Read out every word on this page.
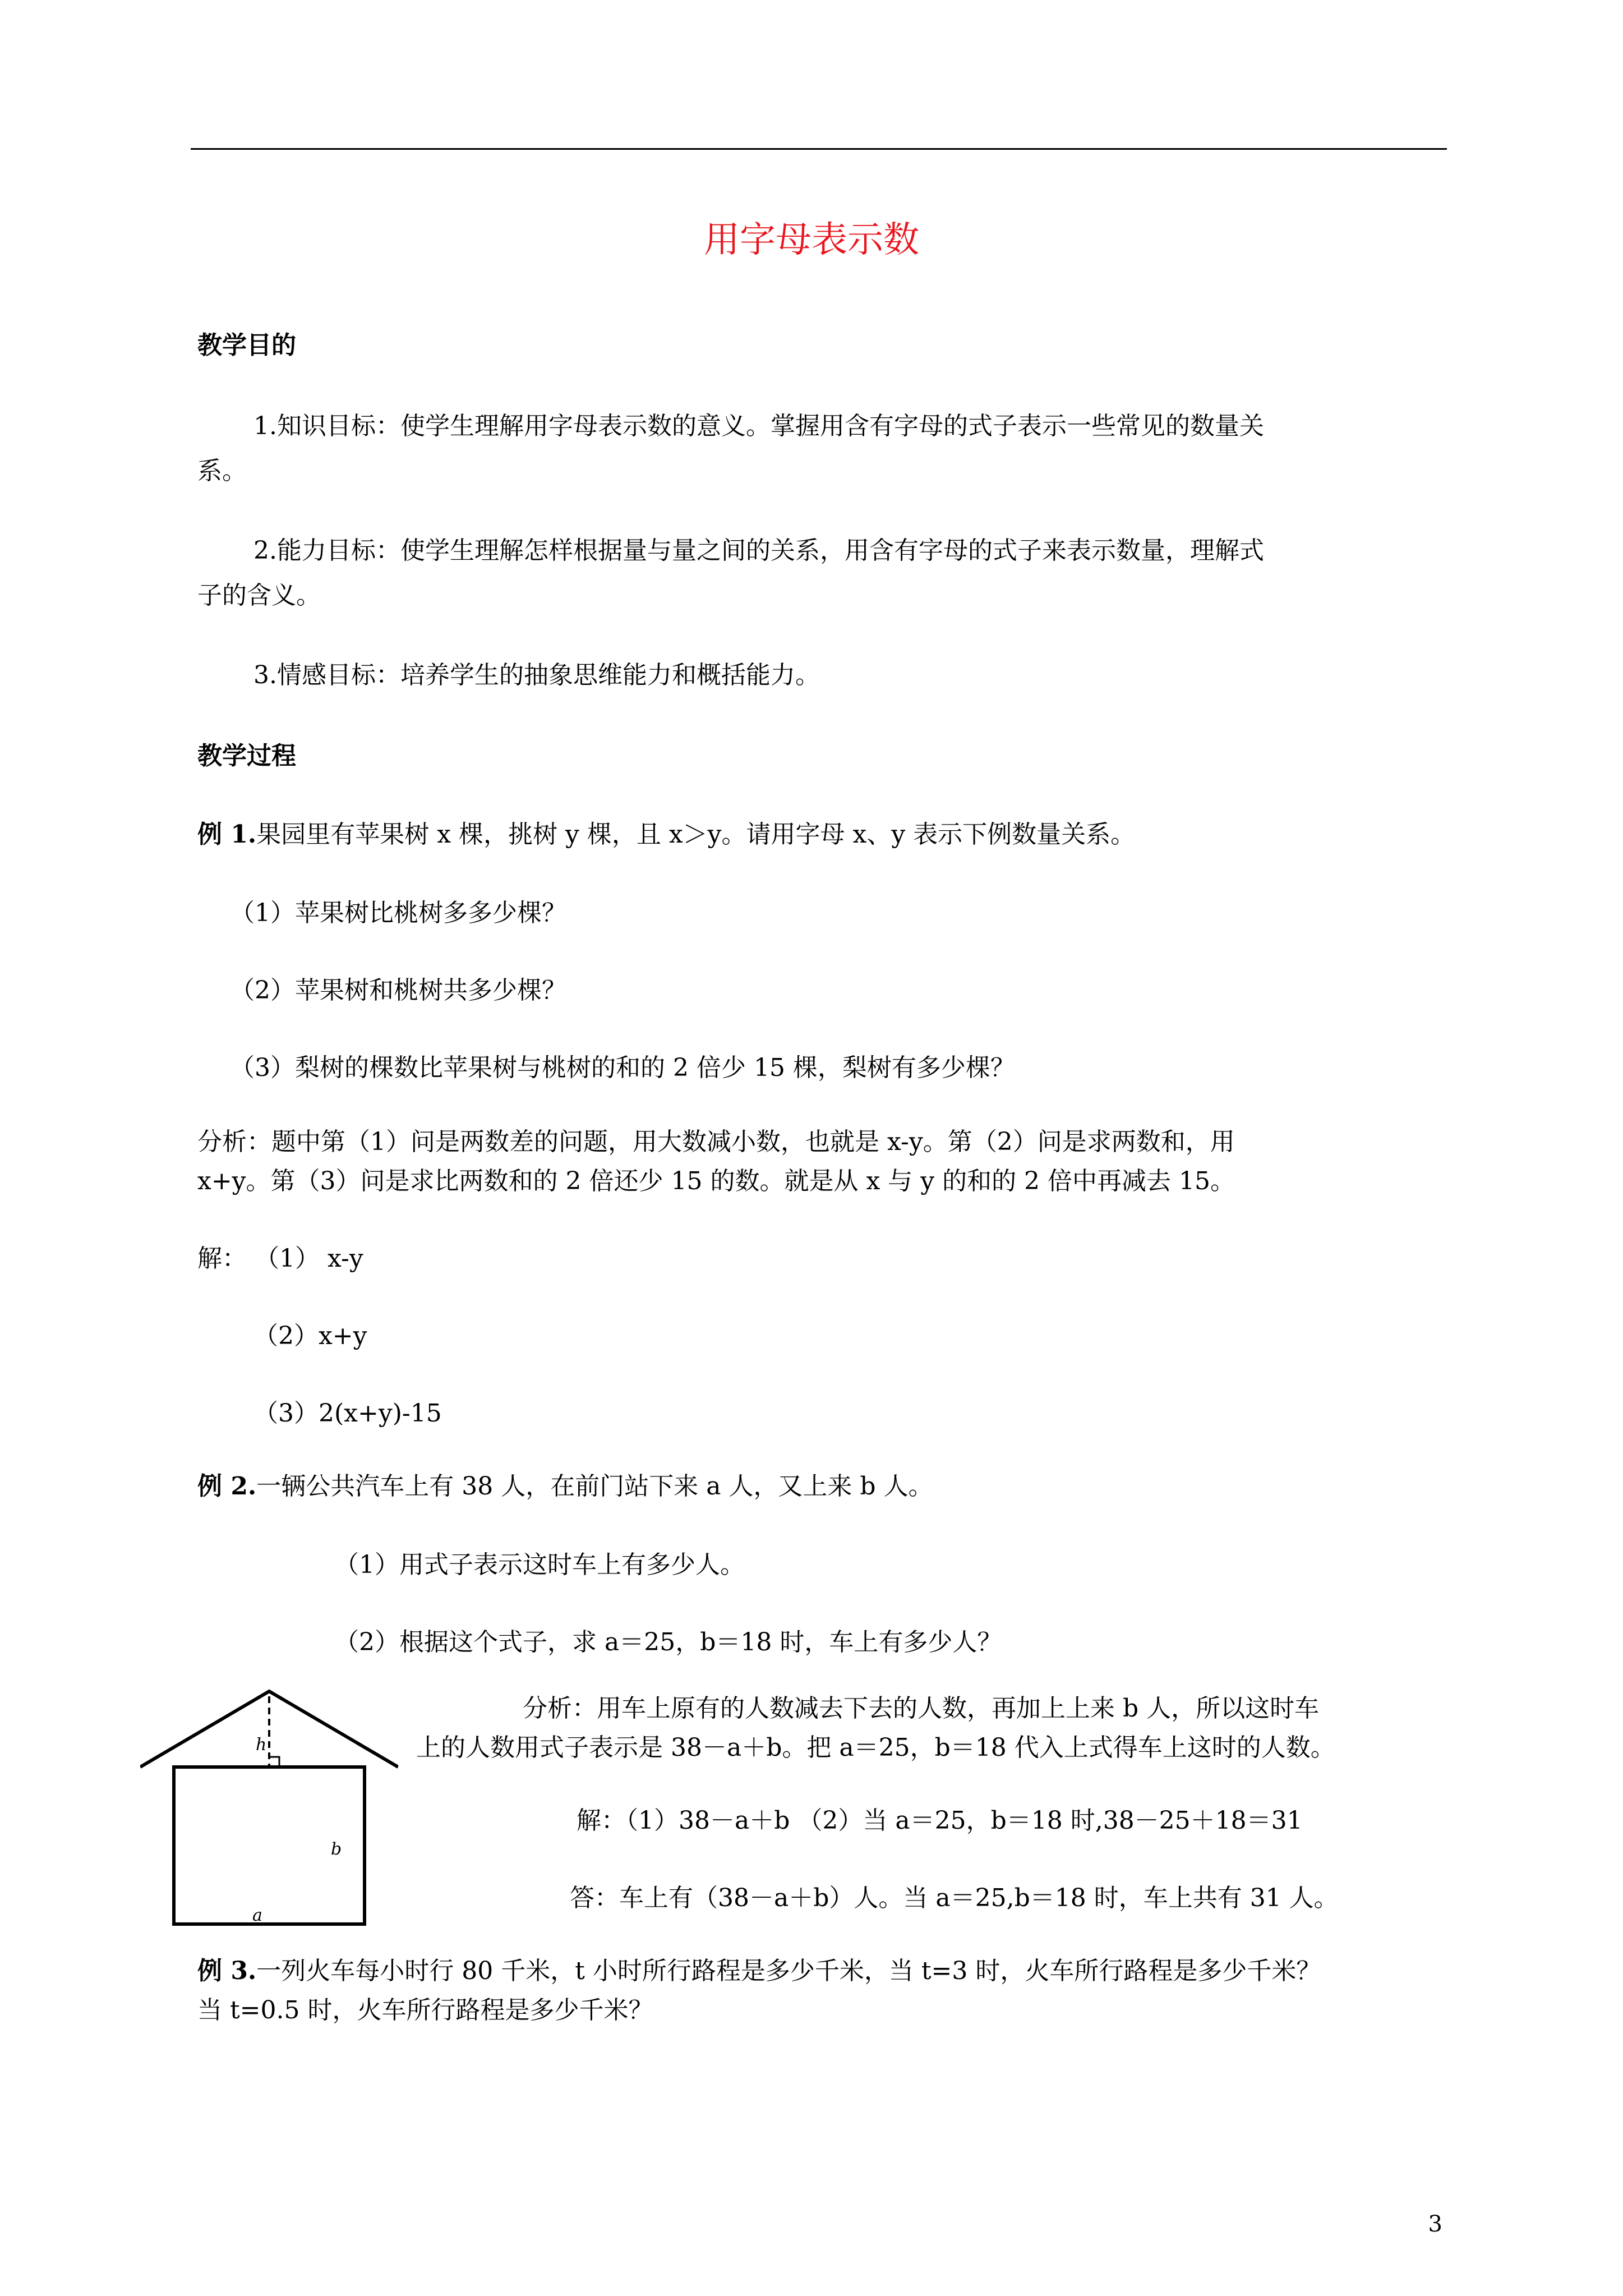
用字母表示数

教学目的

1.知识目标：使学生理解用字母表示数的意义。掌握用含有字母的式子表示一些常见的数量关

系。

2.能力目标：使学生理解怎样根据量与量之间的关系，用含有字母的式子来表示数量，理解式

子的含义。

3.情感目标：培养学生的抽象思维能力和概括能力。

教学过程

例 1.果园里有苹果树 x 棵，挑树 y 棵，且 x＞y。请用字母 x、y 表示下例数量关系。

（1）苹果树比桃树多多少棵？

（2）苹果树和桃树共多少棵？

（3）梨树的棵数比苹果树与桃树的和的 2 倍少 15 棵，梨树有多少棵？

分析：题中第（1）问是两数差的问题，用大数减小数，也就是 x-y。第（2）问是求两数和，用

x+y。第（3）问是求比两数和的 2 倍还少 15 的数。就是从 x 与 y 的和的 2 倍中再减去 15。

解： （1） x-y

（2）x+y

（3）2(x+y)-15

例 2.一辆公共汽车上有 38 人，在前门站下来 a 人，又上来 b 人。

（1）用式子表示这时车上有多少人。

（2）根据这个式子，求 a＝25，b＝18 时，车上有多少人？

h
b
a

分析：用车上原有的人数减去下去的人数，再加上上来 b 人，所以这时车

上的人数用式子表示是 38－a＋b。把 a＝25，b＝18 代入上式得车上这时的人数。

解：（1）38－a＋b （2）当 a＝25，b＝18 时,38－25＋18＝31

答：车上有（38－a＋b）人。当 a＝25,b＝18 时，车上共有 31 人。

例 3.一列火车每小时行 80 千米，t 小时所行路程是多少千米，当 t=3 时，火车所行路程是多少千米？

当 t=0.5 时，火车所行路程是多少千米？

3
